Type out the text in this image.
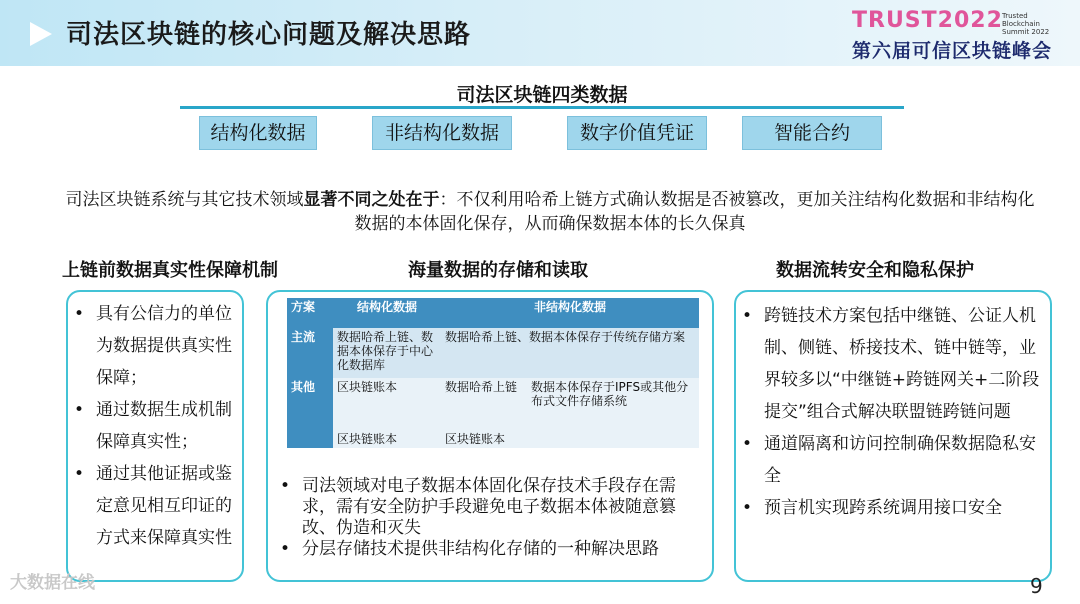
司法区块链的核心问题及解决思路	TRUST2022 Trusted Blockchain Summit 2022
第六届可信区块链峰会
司法区块链四类数据
结构化数据	非结构化数据	数字价值凭证	智能合约
司法区块链系统与其它技术领域显著不同之处在于：不仅利用哈希上链方式确认数据是否被篡改，更加关注结构化数据和非结构化数据的本体固化保存，从而确保数据本体的长久保真
上链前数据真实性保障机制	海量数据的存储和读取	数据流转安全和隐私保护
• 具有公信力的单位为数据提供真实性保障；
• 通过数据生成机制保障真实性；
• 通过其他证据或鉴定意见相互印证的方式来保障真实性
• 司法领域对电子数据本体固化保存技术手段存在需求，需有安全防护手段避免电子数据本体被随意篡改、伪造和灭失
• 分层存储技术提供非结构化存储的一种解决思路
方案	结构化数据	非结构化数据	
主流	数据哈希上链、数据本体保存于中心化数据库	数据哈希上链、数据本体保存于传统存储方案	
其他	区块链账本	数据哈希上链	数据本体保存于IPFS或其他分布式文件存储系统
	区块链账本	区块链账本	
• 跨链技术方案包括中继链、公证人机制、侧链、桥接技术、链中链等，业界较多以“中继链+跨链网关+二阶段提交”组合式解决联盟链跨链问题
• 通道隔离和访问控制确保数据隐私安全
• 预言机实现跨系统调用接口安全
大数据在线	9
